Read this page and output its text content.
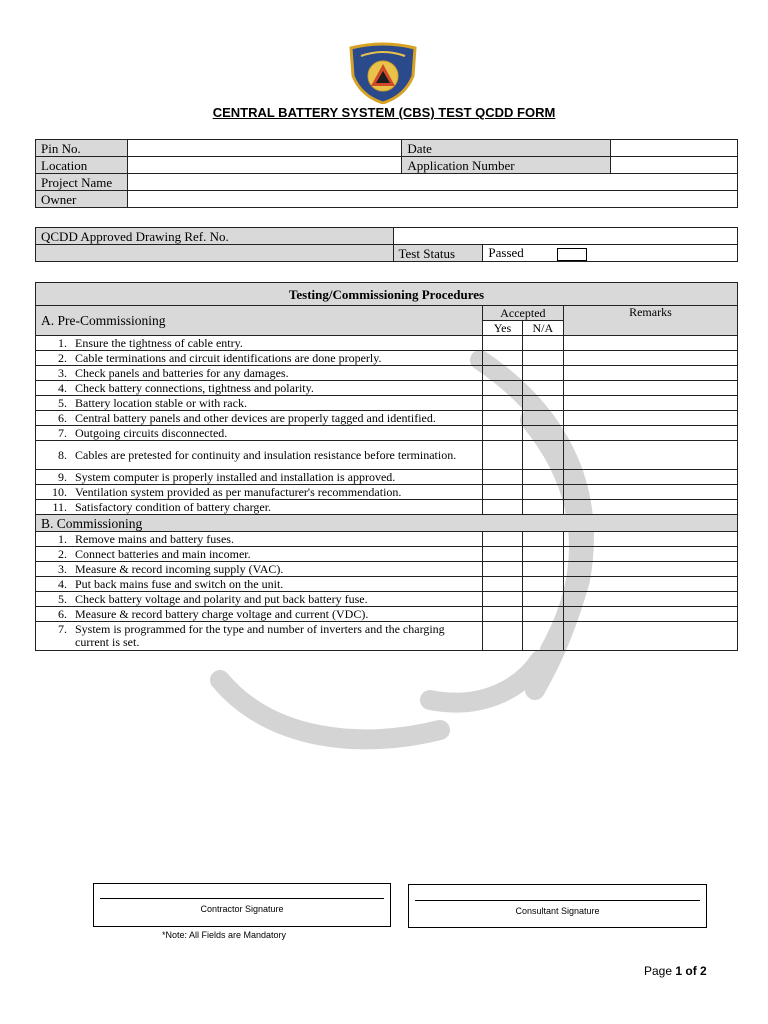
CENTRAL BATTERY SYSTEM (CBS) TEST QCDD FORM
Pin No.		Date	
Location		Application Number	
Project Name			
Owner			
QCDD Approved Drawing Ref. No.		
	Test Status	Passed
Testing/Commissioning Procedures			
A. Pre-Commissioning	Accepted		Remarks
	Yes	N/A	
1. Ensure the tightness of cable entry.			
2. Cable terminations and circuit identifications are done properly.			
3. Check panels and batteries for any damages.			
4. Check battery connections, tightness and polarity.			
5. Battery location stable or with rack.			
6. Central battery panels and other devices are properly tagged and identified.			
7. Outgoing circuits disconnected.			
8. Cables are pretested for continuity and insulation resistance before termination.			
9. System computer is properly installed and installation is approved.			
10. Ventilation system provided as per manufacturer's recommendation.			
11. Satisfactory condition of battery charger.			
B. Commissioning			
1. Remove mains and battery fuses.			
2. Connect batteries and main incomer.			
3. Measure & record incoming supply (VAC).			
4. Put back mains fuse and switch on the unit.			
5. Check battery voltage and polarity and put back battery fuse.			
6. Measure & record battery charge voltage and current (VDC).			
7. System is programmed for the type and number of inverters and the charging current is set.			
Contractor Signature	Consultant Signature
*Note: All Fields are Mandatory
Page 1 of 2
